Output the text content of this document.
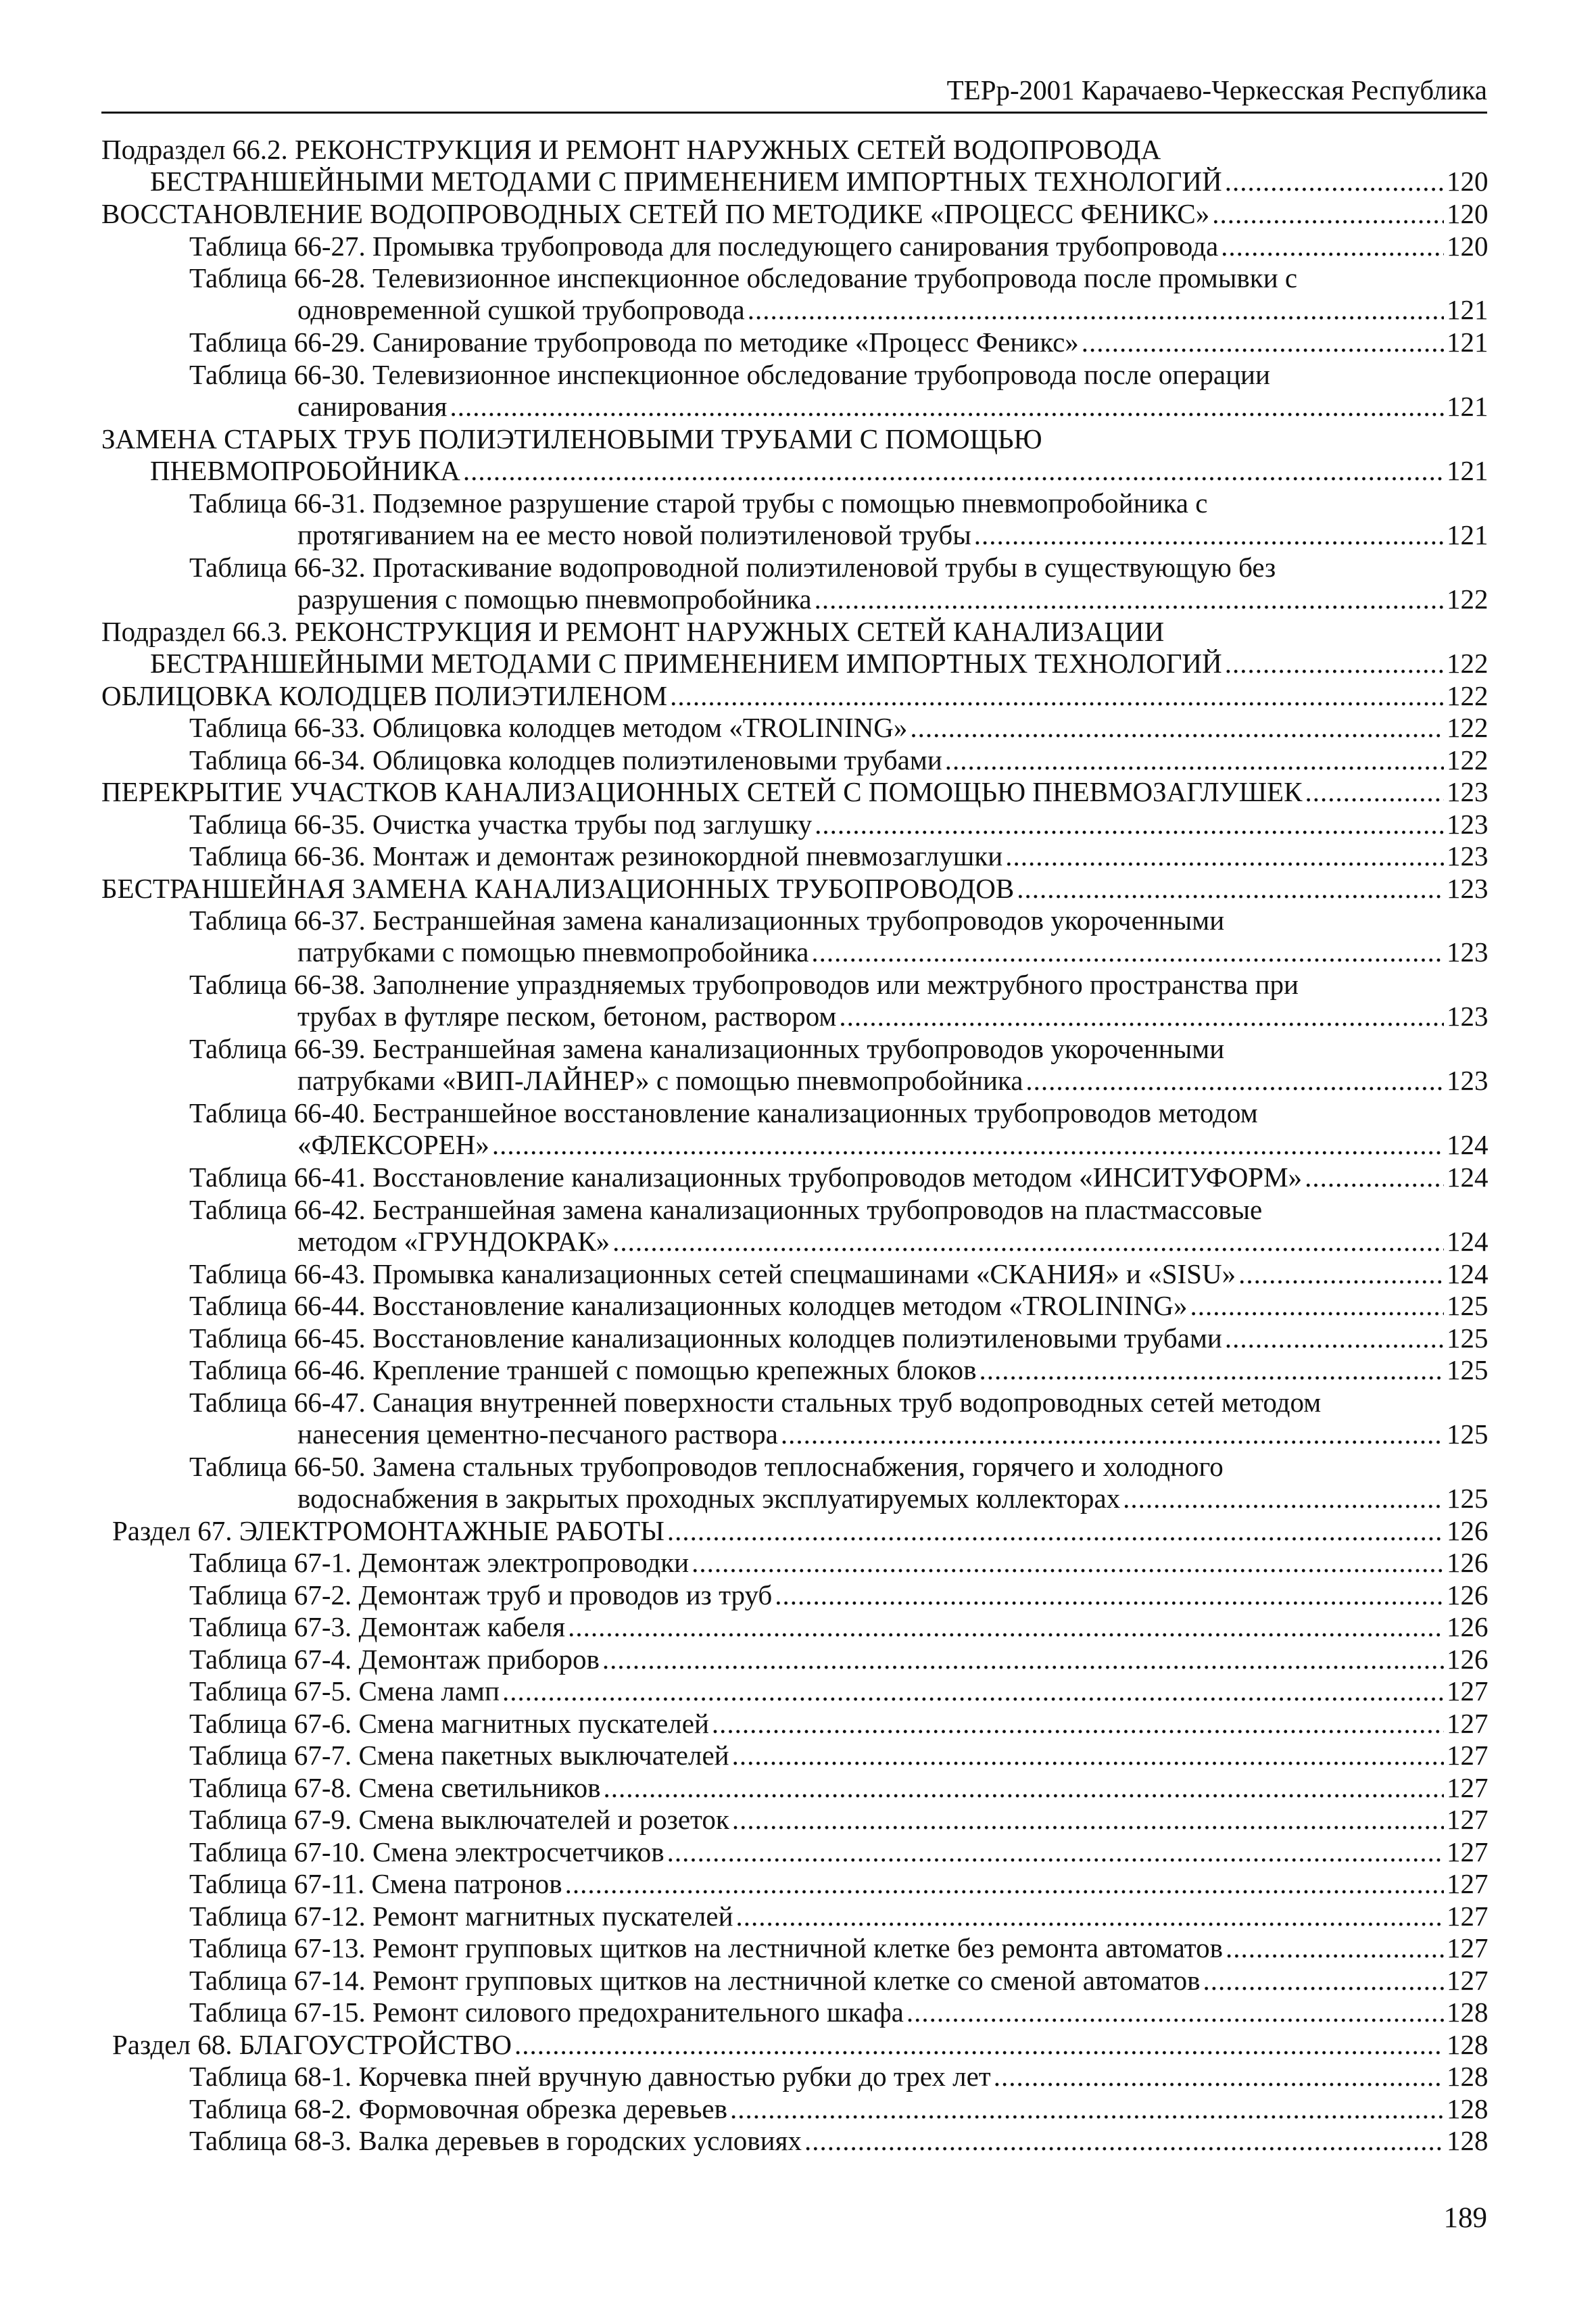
ТЕРр-2001 Карачаево-Черкесская Республика
Подраздел 66.2. РЕКОНСТРУКЦИЯ И РЕМОНТ НАРУЖНЫХ СЕТЕЙ ВОДОПРОВОДА
БЕСТРАНШЕЙНЫМИ МЕТОДАМИ С ПРИМЕНЕНИЕМ ИМПОРТНЫХ ТЕХНОЛОГИЙ .....	120
ВОССТАНОВЛЕНИЕ ВОДОПРОВОДНЫХ СЕТЕЙ ПО МЕТОДИКЕ «ПРОЦЕСС ФЕНИКС» .....	120
Таблица 66-27. Промывка трубопровода для последующего санирования трубопровода .....	120
Таблица 66-28. Телевизионное инспекционное обследование трубопровода после промывки с
одновременной сушкой трубопровода .....	121
Таблица 66-29. Санирование трубопровода по методике «Процесс Феникс» .....	121
Таблица 66-30. Телевизионное инспекционное обследование трубопровода после операции
санирования .....	121
ЗАМЕНА СТАРЫХ ТРУБ ПОЛИЭТИЛЕНОВЫМИ ТРУБАМИ С ПОМОЩЬЮ
ПНЕВМОПРОБОЙНИКА .....	121
Таблица 66-31. Подземное разрушение старой трубы с помощью пневмопробойника с
протягиванием на ее место новой полиэтиленовой трубы .....	121
Таблица 66-32. Протаскивание водопроводной полиэтиленовой трубы в существующую без
разрушения с помощью пневмопробойника .....	122
Подраздел 66.3. РЕКОНСТРУКЦИЯ И РЕМОНТ НАРУЖНЫХ СЕТЕЙ КАНАЛИЗАЦИИ
БЕСТРАНШЕЙНЫМИ МЕТОДАМИ С ПРИМЕНЕНИЕМ ИМПОРТНЫХ ТЕХНОЛОГИЙ .....	122
ОБЛИЦОВКА КОЛОДЦЕВ ПОЛИЭТИЛЕНОМ .....	122
Таблица 66-33. Облицовка колодцев методом «TROLINING» .....	122
Таблица 66-34. Облицовка колодцев полиэтиленовыми трубами .....	122
ПЕРЕКРЫТИЕ УЧАСТКОВ КАНАЛИЗАЦИОННЫХ СЕТЕЙ С ПОМОЩЬЮ ПНЕВМОЗАГЛУШЕК .....	123
Таблица 66-35. Очистка участка трубы под заглушку .....	123
Таблица 66-36. Монтаж и демонтаж резинокордной пневмозаглушки .....	123
БЕСТРАНШЕЙНАЯ ЗАМЕНА КАНАЛИЗАЦИОННЫХ ТРУБОПРОВОДОВ .....	123
Таблица 66-37. Бестраншейная замена канализационных трубопроводов укороченными
патрубками с помощью пневмопробойника .....	123
Таблица 66-38. Заполнение упраздняемых трубопроводов или межтрубного пространства при
трубах в футляре песком, бетоном, раствором .....	123
Таблица 66-39. Бестраншейная замена канализационных трубопроводов укороченными
патрубками «ВИП-ЛАЙНЕР» с помощью пневмопробойника .....	123
Таблица 66-40. Бестраншейное восстановление канализационных трубопроводов методом
«ФЛЕКСОРЕН» .....	124
Таблица 66-41. Восстановление канализационных трубопроводов методом «ИНСИТУФОРМ» .....	124
Таблица 66-42. Бестраншейная замена канализационных трубопроводов на пластмассовые
методом «ГРУНДОКРАК» .....	124
Таблица 66-43. Промывка канализационных сетей спецмашинами «СКАНИЯ» и «SISU» .....	124
Таблица 66-44. Восстановление канализационных колодцев методом «TROLINING» .....	125
Таблица 66-45. Восстановление канализационных колодцев полиэтиленовыми трубами .....	125
Таблица 66-46. Крепление траншей с помощью крепежных блоков .....	125
Таблица 66-47. Санация внутренней поверхности стальных труб водопроводных сетей методом
нанесения цементно-песчаного раствора .....	125
Таблица 66-50. Замена стальных трубопроводов теплоснабжения, горячего и холодного
водоснабжения в закрытых проходных эксплуатируемых коллекторах .....	125
Раздел 67. ЭЛЕКТРОМОНТАЖНЫЕ РАБОТЫ .....	126
Таблица 67-1. Демонтаж электропроводки .....	126
Таблица 67-2. Демонтаж труб и проводов из труб .....	126
Таблица 67-3. Демонтаж кабеля .....	126
Таблица 67-4. Демонтаж приборов .....	126
Таблица 67-5. Смена ламп .....	127
Таблица 67-6. Смена магнитных пускателей .....	127
Таблица 67-7. Смена пакетных выключателей .....	127
Таблица 67-8. Смена светильников .....	127
Таблица 67-9. Смена выключателей и розеток .....	127
Таблица 67-10. Смена электросчетчиков .....	127
Таблица 67-11. Смена патронов .....	127
Таблица 67-12. Ремонт магнитных пускателей .....	127
Таблица 67-13. Ремонт групповых щитков на лестничной клетке без ремонта автоматов .....	127
Таблица 67-14. Ремонт групповых щитков на лестничной клетке со сменой автоматов .....	127
Таблица 67-15. Ремонт силового предохранительного шкафа .....	128
Раздел 68. БЛАГОУСТРОЙСТВО .....	128
Таблица 68-1. Корчевка пней вручную давностью рубки до трех лет .....	128
Таблица 68-2. Формовочная обрезка деревьев .....	128
Таблица 68-3. Валка деревьев в городских условиях .....	128
189
